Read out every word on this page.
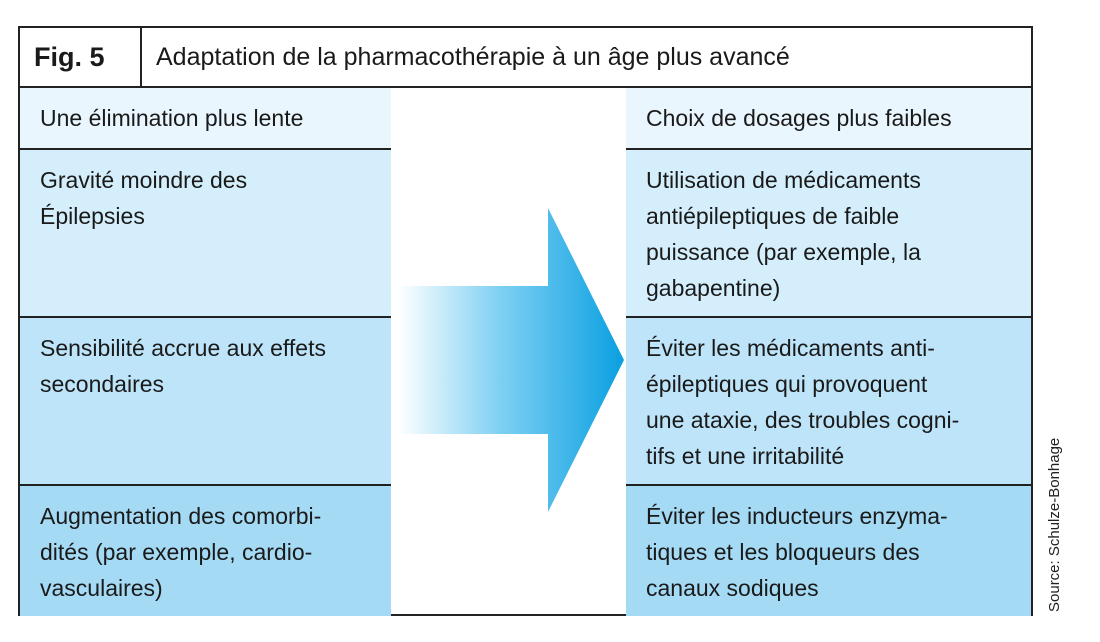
Fig. 5	Adaptation de la pharmacothérapie à un âge plus avancé
Une élimination plus lente
Gravité moindre des
Épilepsies
Sensibilité accrue aux effets
secondaires
Augmentation des comorbi-
dités (par exemple, cardio-
vasculaires)
Choix de dosages plus faibles
Utilisation de médicaments
antiépileptiques de faible
puissance (par exemple, la
gabapentine)
Éviter les médicaments anti-
épileptiques qui provoquent
une ataxie, des troubles cogni-
tifs et une irritabilité
Éviter les inducteurs enzyma-
tiques et les bloqueurs des
canaux sodiques	Source: Schulze-Bonhage
